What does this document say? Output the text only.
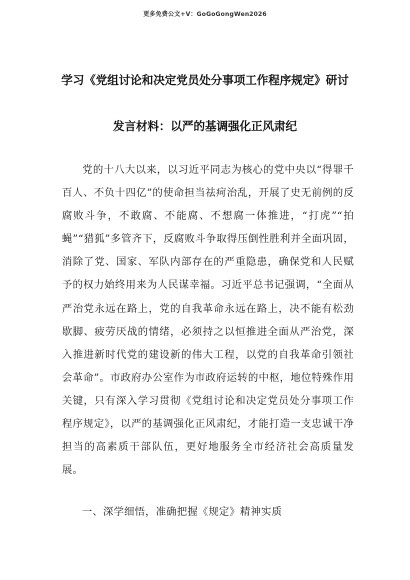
更多免费公文+V：GoGoGongWen2026
学习《党组讨论和决定党员处分事项工作程序规定》研讨
发言材料：以严的基调强化正风肃纪

党的十八大以来，以习近平同志为核心的党中央以“得罪千百人、不负十四亿”的使命担当祛疴治乱，开展了史无前例的反腐败斗争，不敢腐、不能腐、不想腐一体推进，“打虎”“拍蝇”“猎狐”多管齐下，反腐败斗争取得压倒性胜利并全面巩固，消除了党、国家、军队内部存在的严重隐患，确保党和人民赋予的权力始终用来为人民谋幸福。习近平总书记强调，“全面从严治党永远在路上，党的自我革命永远在路上，决不能有松劲歇脚、疲劳厌战的情绪，必须持之以恒推进全面从严治党，深入推进新时代党的建设新的伟大工程，以党的自我革命引领社会革命”。市政府办公室作为市政府运转的中枢，地位特殊作用关键，只有深入学习贯彻《党组讨论和决定党员处分事项工作程序规定》，以严的基调强化正风肃纪，才能打造一支忠诚干净担当的高素质干部队伍，更好地服务全市经济社会高质量发展。

一、深学细悟，准确把握《规定》精神实质
